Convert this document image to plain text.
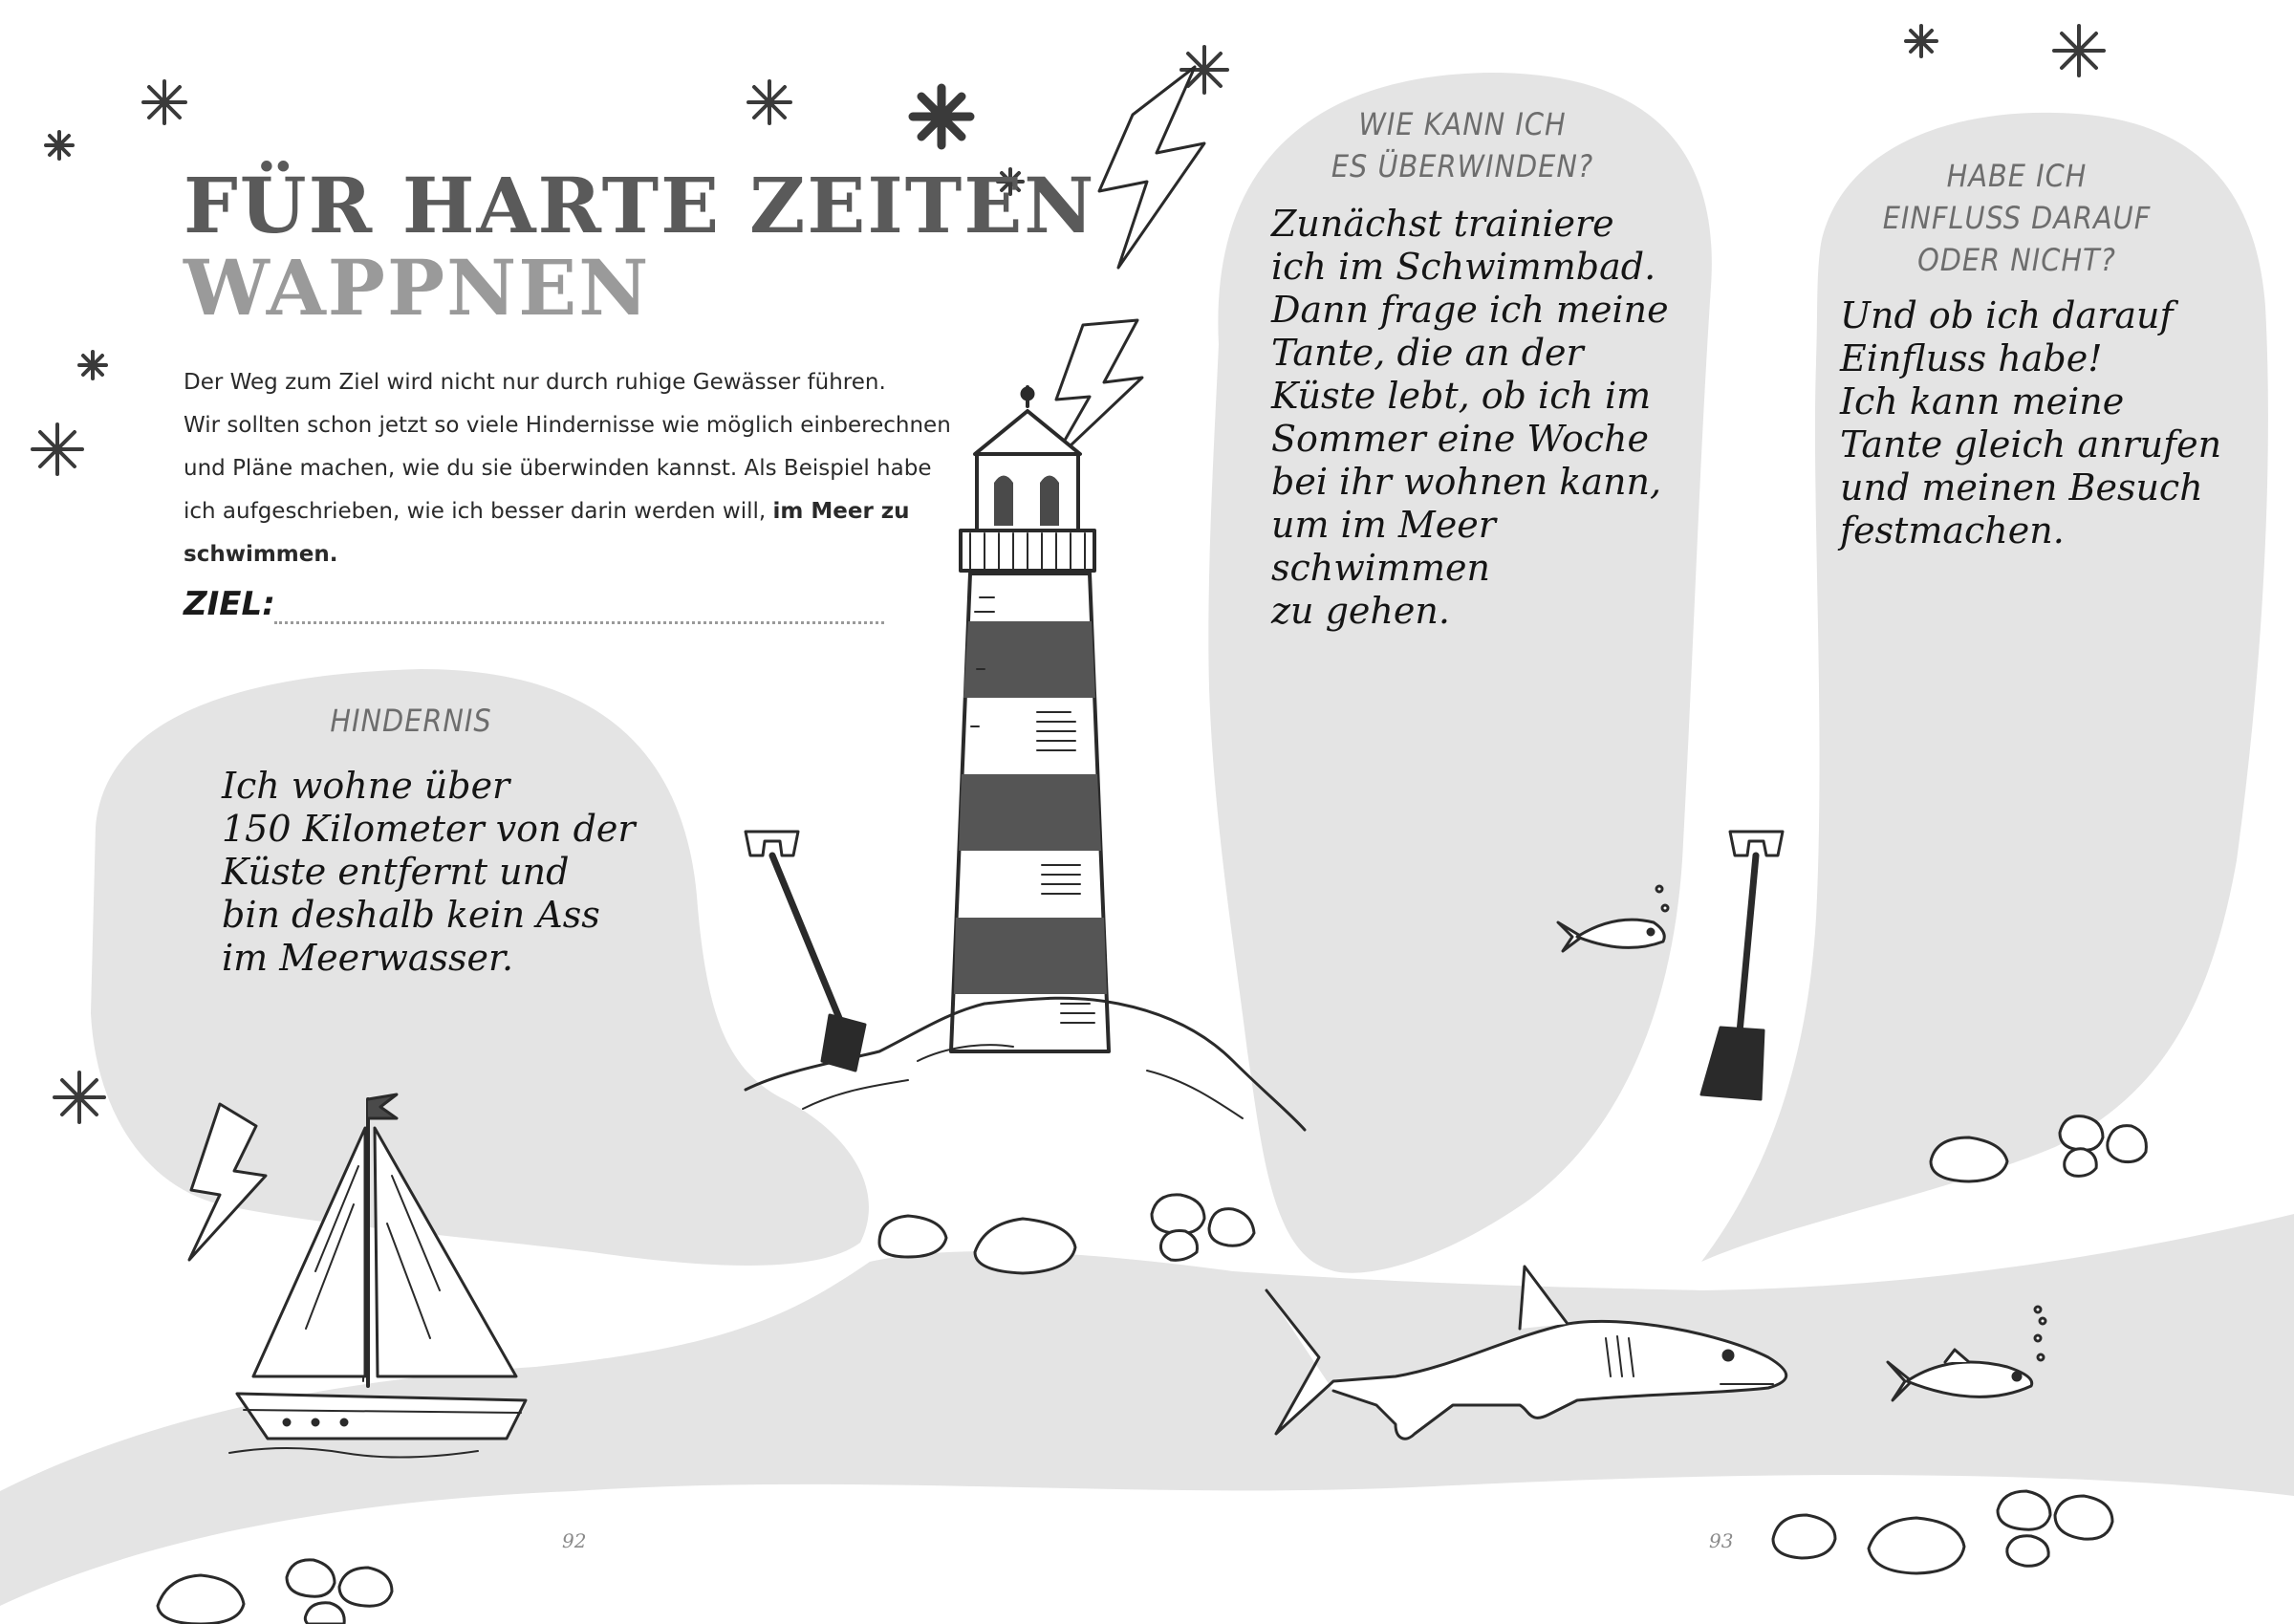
FÜR HARTE ZEITEN
WAPPNEN

Der Weg zum Ziel wird nicht nur durch ruhige Gewässer führen.
Wir sollten schon jetzt so viele Hindernisse wie möglich einberechnen
und Pläne machen, wie du sie überwinden kannst. Als Beispiel habe
ich aufgeschrieben, wie ich besser darin werden will, im Meer zu
schwimmen.

ZIEL:
HINDERNIS
Ich wohne über
150 Kilometer von der
Küste entfernt und
bin deshalb kein Ass
im Meerwasser.
WIE KANN ICH
ES ÜBERWINDEN?
Zunächst trainiere
ich im Schwimmbad.
Dann frage ich meine
Tante, die an der
Küste lebt, ob ich im
Sommer eine Woche
bei ihr wohnen kann,
um im Meer schwimmen
zu gehen.
HABE ICH
EINFLUSS DARAUF
ODER NICHT?
Und ob ich darauf
Einfluss habe!
Ich kann meine
Tante gleich anrufen
und meinen Besuch
festmachen.
92	93
